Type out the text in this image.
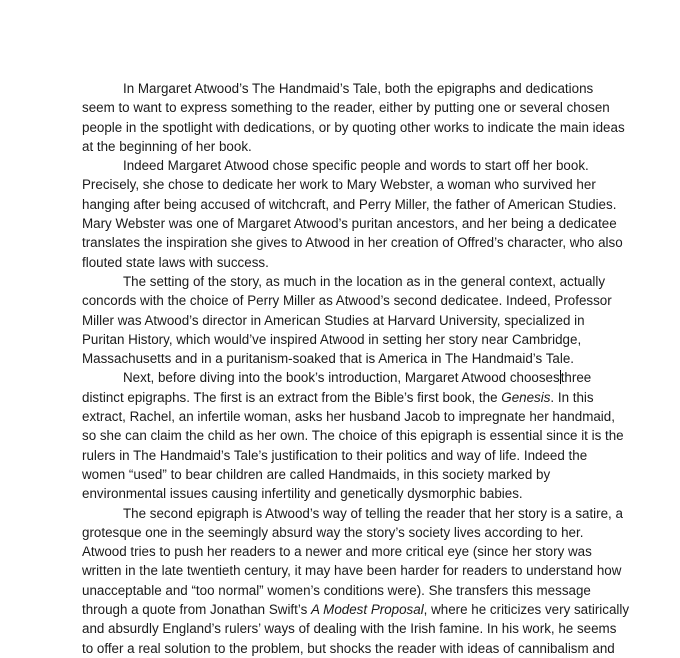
In Margaret Atwood’s The Handmaid’s Tale, both the epigraphs and dedications
seem to want to express something to the reader, either by putting one or several chosen
people in the spotlight with dedications, or by quoting other works to indicate the main ideas
at the beginning of her book.
Indeed Margaret Atwood chose specific people and words to start off her book.
Precisely, she chose to dedicate her work to Mary Webster, a woman who survived her
hanging after being accused of witchcraft, and Perry Miller, the father of American Studies.
Mary Webster was one of Margaret Atwood’s puritan ancestors, and her being a dedicatee
translates the inspiration she gives to Atwood in her creation of Offred’s character, who also
flouted state laws with success.
The setting of the story, as much in the location as in the general context, actually
concords with the choice of Perry Miller as Atwood’s second dedicatee. Indeed, Professor
Miller was Atwood’s director in American Studies at Harvard University, specialized in
Puritan History, which would’ve inspired Atwood in setting her story near Cambridge,
Massachusetts and in a puritanism-soaked that is America in The Handmaid’s Tale.
Next, before diving into the book’s introduction, Margaret Atwood choosesthree
distinct epigraphs. The first is an extract from the Bible’s first book, the Genesis. In this
extract, Rachel, an infertile woman, asks her husband Jacob to impregnate her handmaid,
so she can claim the child as her own. The choice of this epigraph is essential since it is the
rulers in The Handmaid’s Tale’s justification to their politics and way of life. Indeed the
women “used” to bear children are called Handmaids, in this society marked by
environmental issues causing infertility and genetically dysmorphic babies.
The second epigraph is Atwood’s way of telling the reader that her story is a satire, a
grotesque one in the seemingly absurd way the story’s society lives according to her.
Atwood tries to push her readers to a newer and more critical eye (since her story was
written in the late twentieth century, it may have been harder for readers to understand how
unacceptable and “too normal” women’s conditions were). She transfers this message
through a quote from Jonathan Swift’s A Modest Proposal, where he criticizes very satirically
and absurdly England’s rulers’ ways of dealing with the Irish famine. In his work, he seems
to offer a real solution to the problem, but shocks the reader with ideas of cannibalism and
